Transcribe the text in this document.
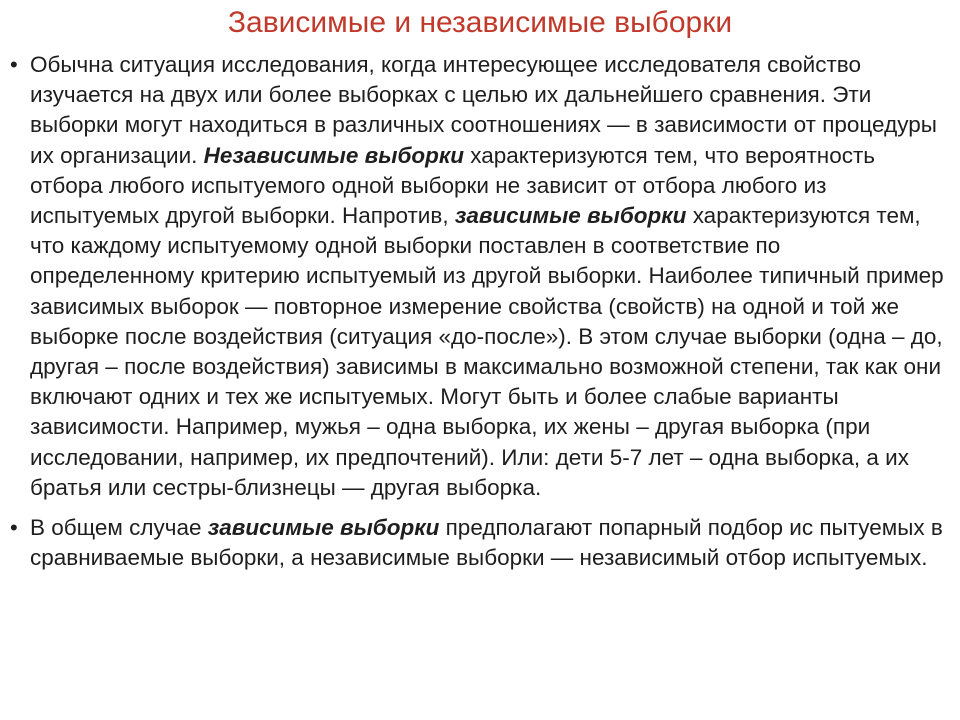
Зависимые и независимые выборки
• Обычна ситуация исследования, когда интересующее исследователя свойство изучается на двух или более выборках с целью их дальнейшего сравнения. Эти выборки могут находиться в различных соотношениях — в зависимости от процедуры их организации. Независимые выборки характеризуются тем, что вероятность отбора любого испытуемого одной выборки не зависит от отбора любого из испытуемых другой выборки. Напротив, зависимые выборки характеризуются тем, что каждому испытуемому одной выборки поставлен в соответствие по определенному критерию испытуемый из другой выборки. Наиболее типичный пример зависимых выборок — повторное измерение свойства (свойств) на одной и той же выборке после воздействия (ситуация «до-после»). В этом случае выборки (одна – до, другая – после воздействия) зависимы в максимально возможной степени, так как они включают одних и тех же испытуемых. Могут быть и более слабые варианты зависимости. Например, мужья – одна выборка, их жены – другая выборка (при исследовании, например, их предпочтений). Или: дети 5-7 лет – одна выборка, а их братья или сестры-близнецы — другая выборка.
• В общем случае зависимые выборки предполагают попарный подбор ис пытуемых в сравниваемые выборки, а независимые выборки — независимый отбор испытуемых.
